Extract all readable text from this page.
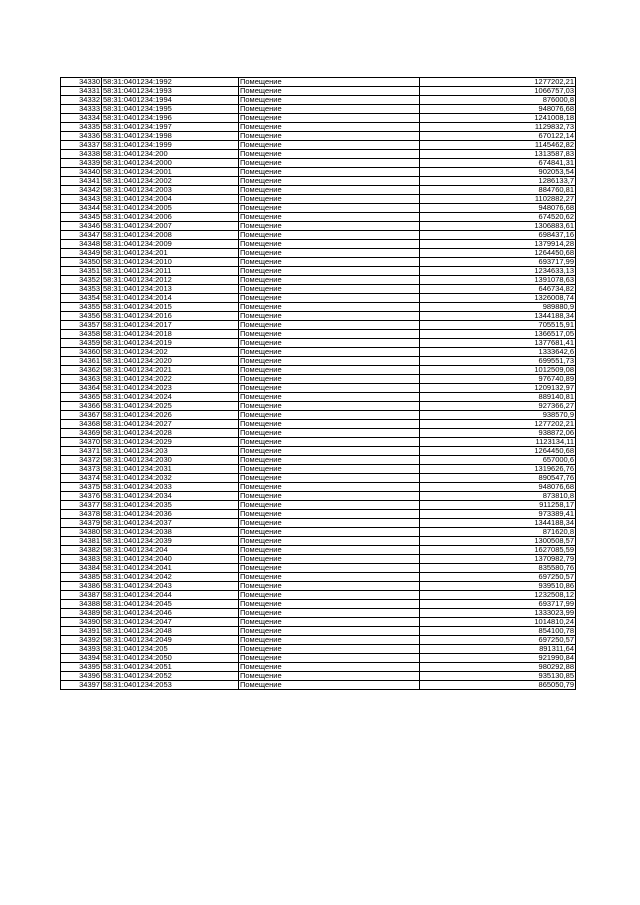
34330	58:31:0401234:1992	Помещение	1277202,21
34331	58:31:0401234:1993	Помещение	1066757,03
34332	58:31:0401234:1994	Помещение	876000,8
34333	58:31:0401234:1995	Помещение	948076,68
34334	58:31:0401234:1996	Помещение	1241008,18
34335	58:31:0401234:1997	Помещение	1129832,73
34336	58:31:0401234:1998	Помещение	670122,14
34337	58:31:0401234:1999	Помещение	1145462,82
34338	58:31:0401234:200	Помещение	1313587,83
34339	58:31:0401234:2000	Помещение	674841,31
34340	58:31:0401234:2001	Помещение	902053,54
34341	58:31:0401234:2002	Помещение	1286133,7
34342	58:31:0401234:2003	Помещение	884760,81
34343	58:31:0401234:2004	Помещение	1102882,27
34344	58:31:0401234:2005	Помещение	948076,68
34345	58:31:0401234:2006	Помещение	674520,62
34346	58:31:0401234:2007	Помещение	1306883,61
34347	58:31:0401234:2008	Помещение	698437,16
34348	58:31:0401234:2009	Помещение	1379914,28
34349	58:31:0401234:201	Помещение	1264450,68
34350	58:31:0401234:2010	Помещение	693717,99
34351	58:31:0401234:2011	Помещение	1234633,13
34352	58:31:0401234:2012	Помещение	1391078,63
34353	58:31:0401234:2013	Помещение	646734,82
34354	58:31:0401234:2014	Помещение	1326008,74
34355	58:31:0401234:2015	Помещение	989880,9
34356	58:31:0401234:2016	Помещение	1344188,34
34357	58:31:0401234:2017	Помещение	705515,91
34358	58:31:0401234:2018	Помещение	1366517,05
34359	58:31:0401234:2019	Помещение	1377681,41
34360	58:31:0401234:202	Помещение	1333642,6
34361	58:31:0401234:2020	Помещение	699551,73
34362	58:31:0401234:2021	Помещение	1012509,08
34363	58:31:0401234:2022	Помещение	976740,89
34364	58:31:0401234:2023	Помещение	1209132,97
34365	58:31:0401234:2024	Помещение	889140,81
34366	58:31:0401234:2025	Помещение	927366,27
34367	58:31:0401234:2026	Помещение	938570,9
34368	58:31:0401234:2027	Помещение	1277202,21
34369	58:31:0401234:2028	Помещение	938872,06
34370	58:31:0401234:2029	Помещение	1123134,11
34371	58:31:0401234:203	Помещение	1264450,68
34372	58:31:0401234:2030	Помещение	657000,6
34373	58:31:0401234:2031	Помещение	1319626,76
34374	58:31:0401234:2032	Помещение	890547,76
34375	58:31:0401234:2033	Помещение	948076,68
34376	58:31:0401234:2034	Помещение	873810,8
34377	58:31:0401234:2035	Помещение	911258,17
34378	58:31:0401234:2036	Помещение	973389,41
34379	58:31:0401234:2037	Помещение	1344188,34
34380	58:31:0401234:2038	Помещение	871620,8
34381	58:31:0401234:2039	Помещение	1300508,57
34382	58:31:0401234:204	Помещение	1627085,59
34383	58:31:0401234:2040	Помещение	1370982,79
34384	58:31:0401234:2041	Помещение	835580,76
34385	58:31:0401234:2042	Помещение	697250,57
34386	58:31:0401234:2043	Помещение	939510,86
34387	58:31:0401234:2044	Помещение	1232508,12
34388	58:31:0401234:2045	Помещение	693717,99
34389	58:31:0401234:2046	Помещение	1333023,99
34390	58:31:0401234:2047	Помещение	1014810,24
34391	58:31:0401234:2048	Помещение	854100,78
34392	58:31:0401234:2049	Помещение	697250,57
34393	58:31:0401234:205	Помещение	891311,64
34394	58:31:0401234:2050	Помещение	921990,84
34395	58:31:0401234:2051	Помещение	980292,88
34396	58:31:0401234:2052	Помещение	935130,85
34397	58:31:0401234:2053	Помещение	865050,79
